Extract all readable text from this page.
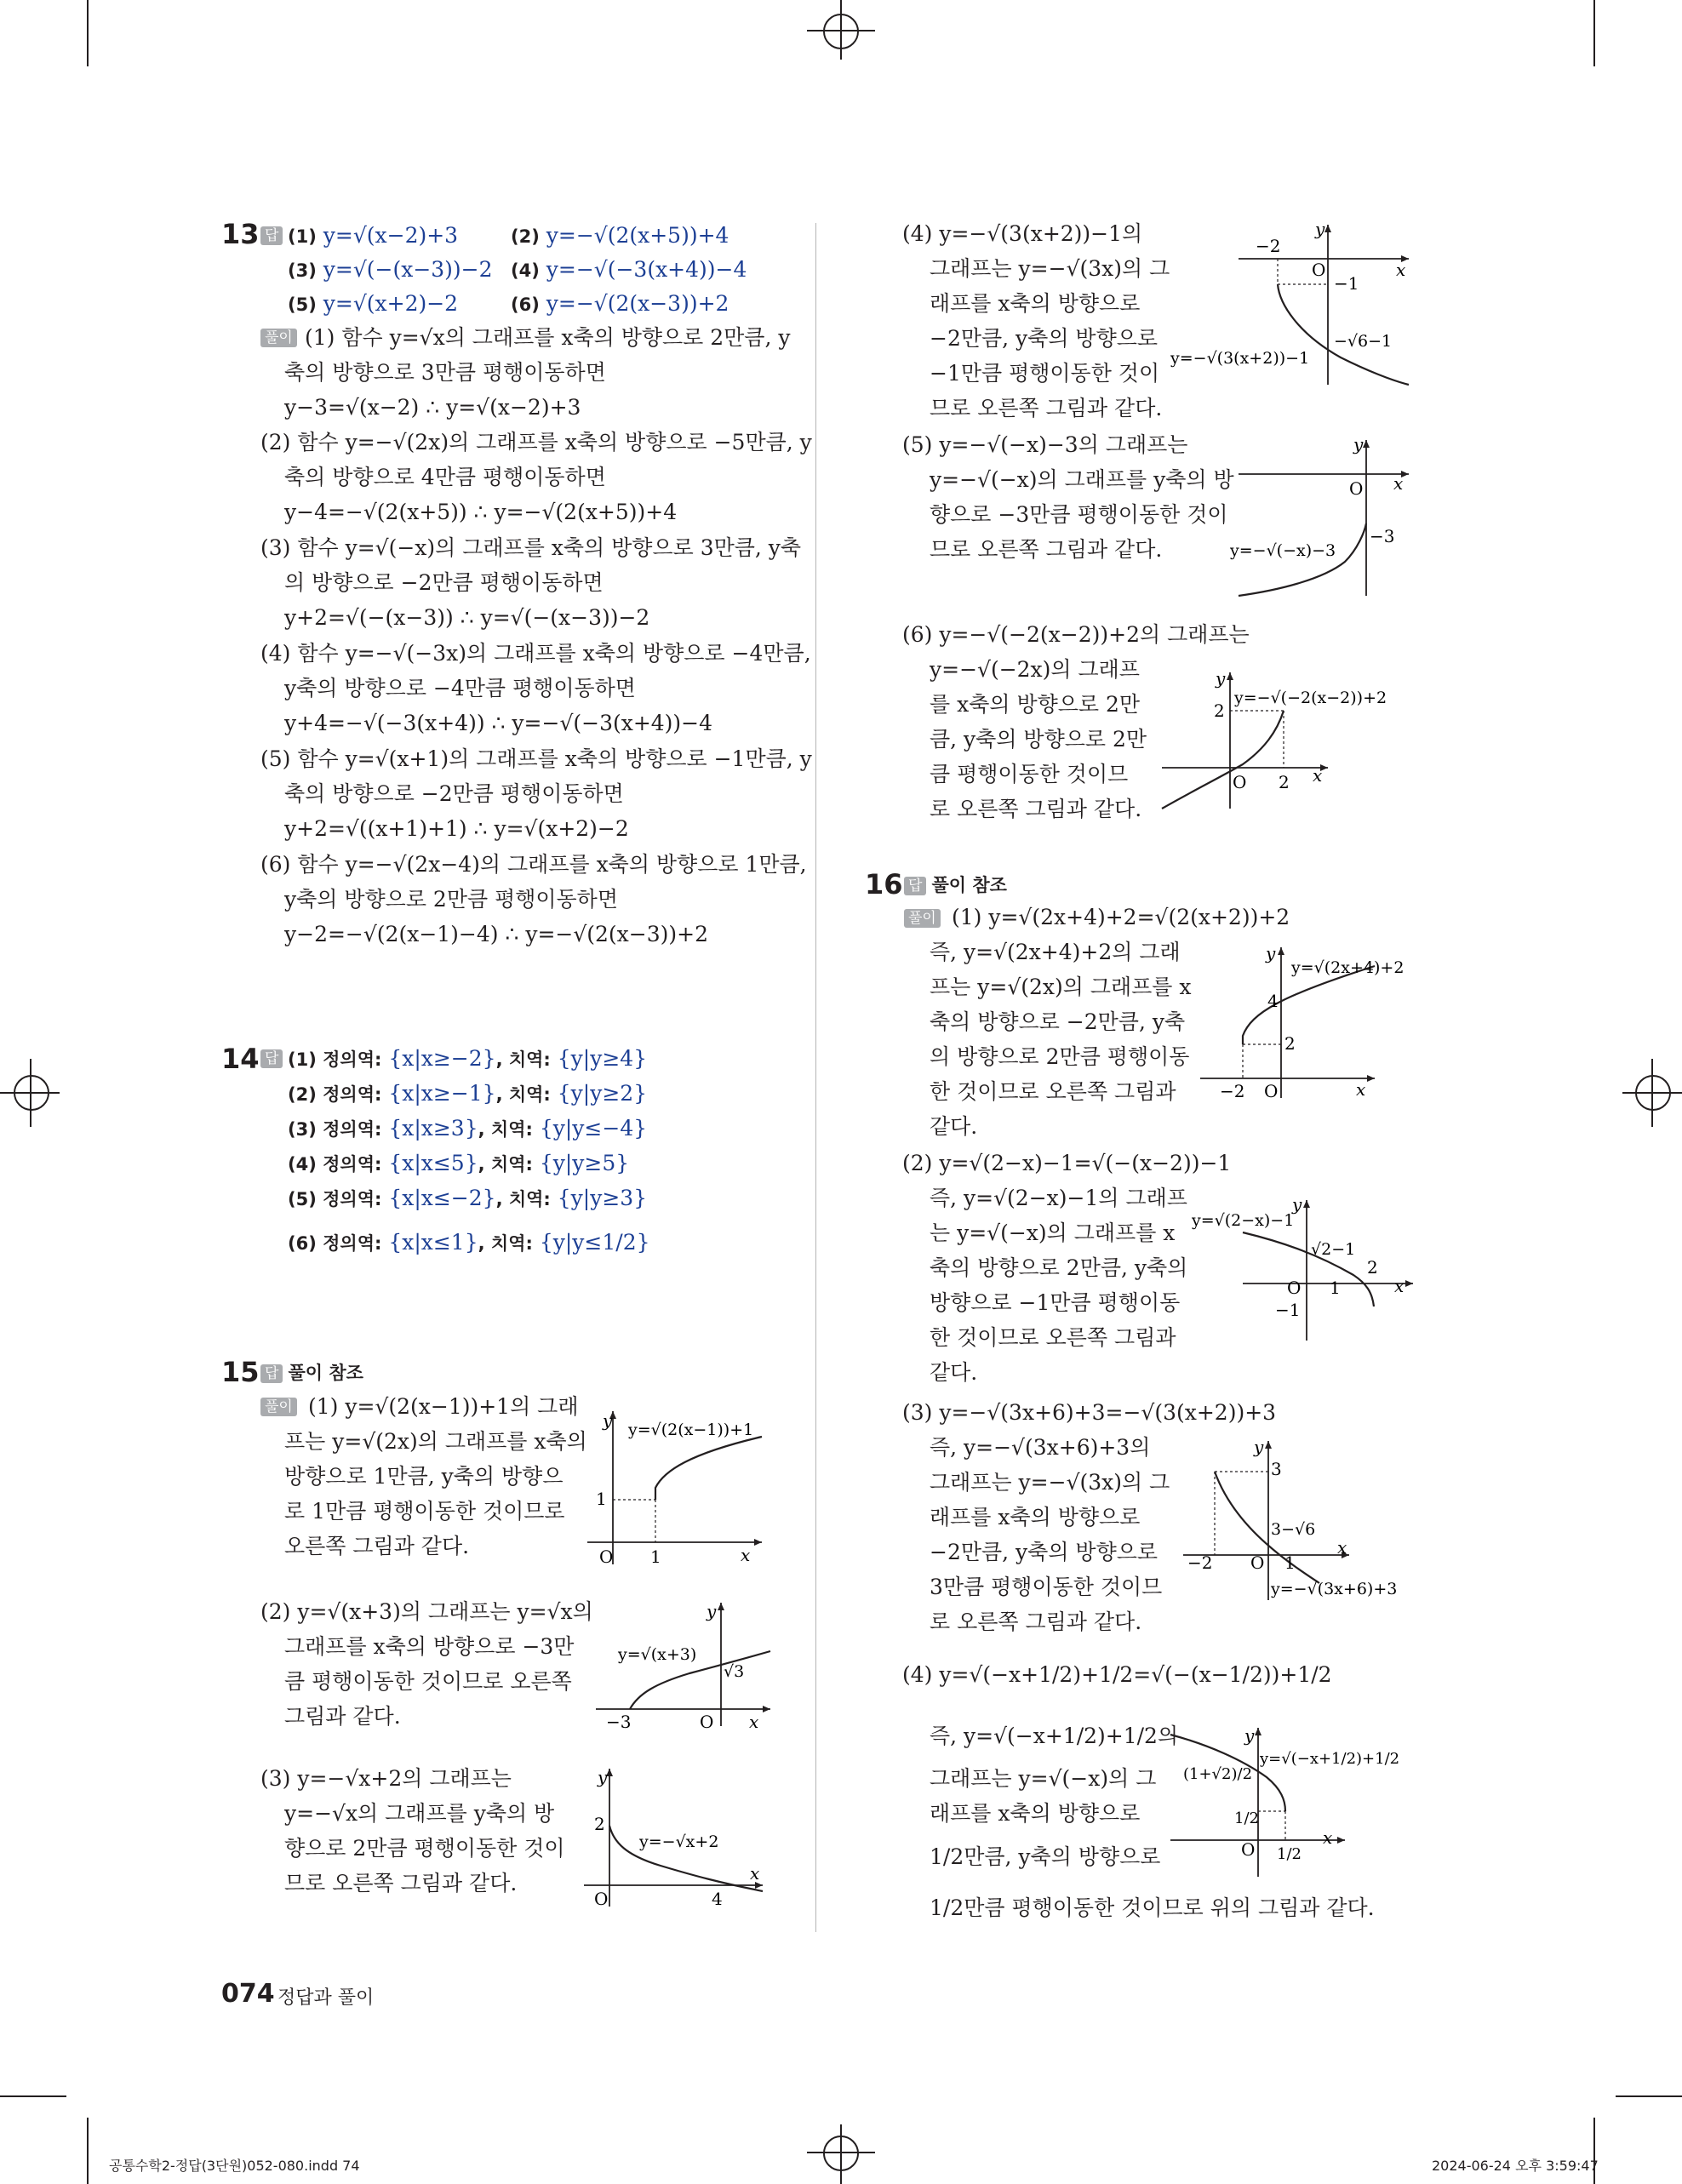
13 답 (1) y=√(x−2)+3	(2) y=−√(2(x+5))+4
(3) y=√(−(x−3))−2 (4) y=−√(−3(x+4))−4
(5) y=√(x+2)−2	(6) y=−√(2(x−3))+2
풀이 (1) 함수 y=√x의 그래프를 x축의 방향으로 2만큼, y
축의 방향으로 3만큼 평행이동하면
y−3=√(x−2) ∴ y=√(x−2)+3
(2) 함수 y=−√(2x)의 그래프를 x축의 방향으로 −5만큼, y
축의 방향으로 4만큼 평행이동하면
y−4=−√(2(x+5)) ∴ y=−√(2(x+5))+4
(3) 함수 y=√(−x)의 그래프를 x축의 방향으로 3만큼, y축
의 방향으로 −2만큼 평행이동하면
y+2=√(−(x−3)) ∴ y=√(−(x−3))−2
(4) 함수 y=−√(−3x)의 그래프를 x축의 방향으로 −4만큼,
y축의 방향으로 −4만큼 평행이동하면
y+4=−√(−3(x+4)) ∴ y=−√(−3(x+4))−4
(5) 함수 y=√(x+1)의 그래프를 x축의 방향으로 −1만큼, y
축의 방향으로 −2만큼 평행이동하면
y+2=√((x+1)+1) ∴ y=√(x+2)−2
(6) 함수 y=−√(2x−4)의 그래프를 x축의 방향으로 1만큼,
y축의 방향으로 2만큼 평행이동하면
y−2=−√(2(x−1)−4) ∴ y=−√(2(x−3))+2
14 답 (1) 정의역: {x|x≥−2}, 치역: {y|y≥4}
(2) 정의역: {x|x≥−1}, 치역: {y|y≥2}
(3) 정의역: {x|x≥3}, 치역: {y|y≤−4}
(4) 정의역: {x|x≤5}, 치역: {y|y≥5}
(5) 정의역: {x|x≤−2}, 치역: {y|y≥3}
(6) 정의역: {x|x≤1}, 치역: {y|y≤1/2}
15 답 풀이 참조
풀이 (1) y=√(2(x−1))+1의 그래
프는 y=√(2x)의 그래프를 x축의
방향으로 1만큼, y축의 방향으
로 1만큼 평행이동한 것이므로
오른쪽 그림과 같다.
(2) y=√(x+3)의 그래프는 y=√x의
그래프를 x축의 방향으로 −3만
큼 평행이동한 것이므로 오른쪽
그림과 같다.
(3) y=−√x+2의 그래프는
y=−√x의 그래프를 y축의 방
향으로 2만큼 평행이동한 것이
므로 오른쪽 그림과 같다.
y
x
O 1
1
y=√(2(x−1))+1
y
x
O
−3
√3
y=√(x+3)
y
x
O	4
2
y=−√x+2
(4) y=−√(3(x+2))−1의
그래프는 y=−√(3x)의 그
래프를 x축의 방향으로
−2만큼, y축의 방향으로
−1만큼 평행이동한 것이
므로 오른쪽 그림과 같다.
(5) y=−√(−x)−3의 그래프는
y=−√(−x)의 그래프를 y축의 방
향으로 −3만큼 평행이동한 것이
므로 오른쪽 그림과 같다.
(6) y=−√(−2(x−2))+2의 그래프는
y=−√(−2x)의 그래프
를 x축의 방향으로 2만
큼, y축의 방향으로 2만
큼 평행이동한 것이므
로 오른쪽 그림과 같다.
y
x
O
−2
−1
−√6−1
y=−√(3(x+2))−1
y
x
O
−3
y=−√(−x)−3
y
x
O 2
2
y=−√(−2(x−2))+2
16 답 풀이 참조
풀이 (1) y=√(2x+4)+2=√(2(x+2))+2
즉, y=√(2x+4)+2의 그래
프는 y=√(2x)의 그래프를 x
축의 방향으로 −2만큼, y축
의 방향으로 2만큼 평행이동
한 것이므로 오른쪽 그림과
같다.
(2) y=√(2−x)−1=√(−(x−2))−1
즉, y=√(2−x)−1의 그래프
는 y=√(−x)의 그래프를 x
축의 방향으로 2만큼, y축의
방향으로 −1만큼 평행이동
한 것이므로 오른쪽 그림과
같다.
(3) y=−√(3x+6)+3=−√(3(x+2))+3
즉, y=−√(3x+6)+3의
그래프는 y=−√(3x)의 그
래프를 x축의 방향으로
−2만큼, y축의 방향으로
3만큼 평행이동한 것이므
로 오른쪽 그림과 같다.
(4) y=√(−x+1/2)+1/2=√(−(x−1/2))+1/2
즉, y=√(−x+1/2)+1/2의
그래프는 y=√(−x)의 그
래프를 x축의 방향으로
1/2만큼, y축의 방향으로
1/2만큼 평행이동한 것이므로 위의 그림과 같다.
y
x
O
−2
4
2
y=√(2x+4)+2
y
x
O 1
2
√2−1
−1
y=√(2−x)−1
y
x
O
−2	1
3
3−√6
y=−√(3x+6)+3
y
x
O 1/2
1/2
(1+√2)/2
y=√(−x+1/2)+1/2
074 정답과 풀이
공통수학2-정답(3단원)052-080.indd 74	2024-06-24 오후 3:59:47
